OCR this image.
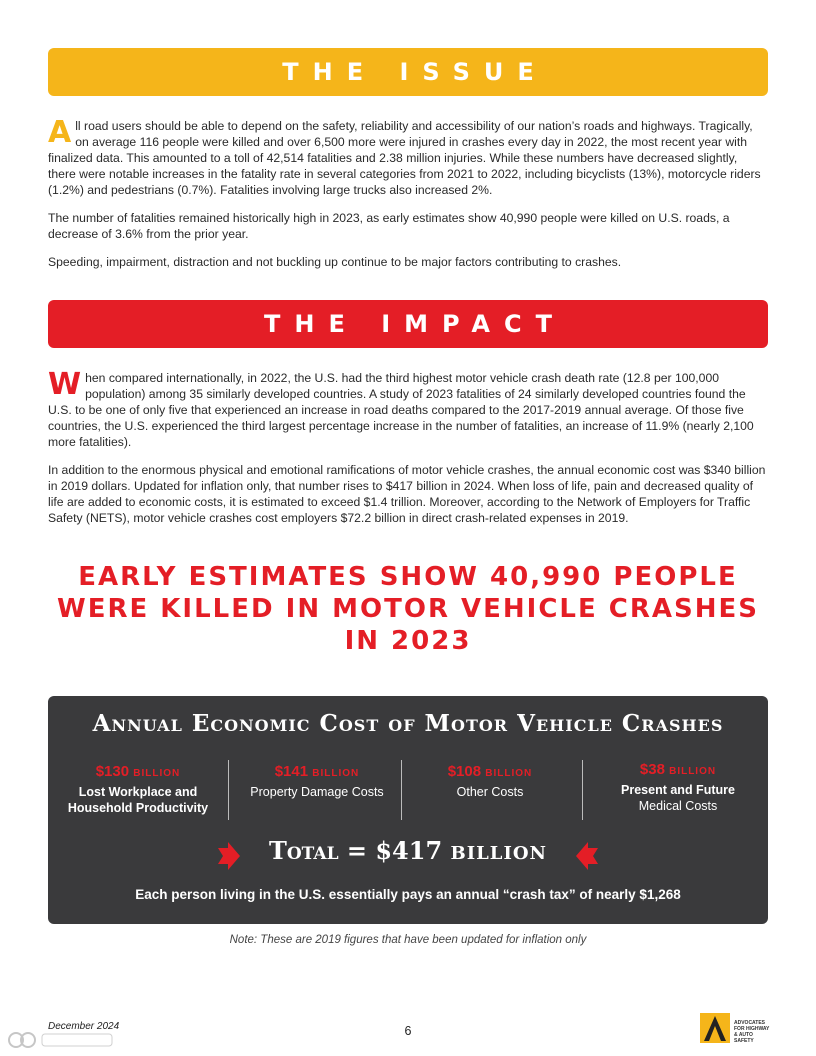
THE ISSUE

All road users should be able to depend on the safety, reliability and accessibility of our nation’s roads and highways. Tragically, on average 116 people were killed and over 6,500 more were injured in crashes every day in 2022, the most recent year with finalized data. This amounted to a toll of 42,514 fatalities and 2.38 million injuries. While these numbers have decreased slightly, there were notable increases in the fatality rate in several categories from 2021 to 2022, including bicyclists (13%), motorcycle riders (1.2%) and pedestrians (0.7%). Fatalities involving large trucks also increased 2%.

The number of fatalities remained historically high in 2023, as early estimates show 40,990 people were killed on U.S. roads, a decrease of 3.6% from the prior year.

Speeding, impairment, distraction and not buckling up continue to be major factors contributing to crashes.

THE IMPACT

When compared internationally, in 2022, the U.S. had the third highest motor vehicle crash death rate (12.8 per 100,000 population) among 35 similarly developed countries. A study of 2023 fatalities of 24 similarly developed countries found the U.S. to be one of only five that experienced an increase in road deaths compared to the 2017-2019 annual average. Of those five countries, the U.S. experienced the third largest percentage increase in the number of fatalities, an increase of 11.9% (nearly 2,100 more fatalities).

In addition to the enormous physical and emotional ramifications of motor vehicle crashes, the annual economic cost was $340 billion in 2019 dollars. Updated for inflation only, that number rises to $417 billion in 2024. When loss of life, pain and decreased quality of life are added to economic costs, it is estimated to exceed $1.4 trillion. Moreover, according to the Network of Employers for Traffic Safety (NETS), motor vehicle crashes cost employers $72.2 billion in direct crash-related expenses in 2019.

EARLY ESTIMATES SHOW 40,990 PEOPLE
WERE KILLED IN MOTOR VEHICLE CRASHES
IN 2023
Annual Economic Cost of Motor Vehicle Crashes
$130 BILLION
Lost Workplace and
Household Productivity
$141 BILLION
Property Damage Costs
$108 BILLION
Other Costs
$38 BILLION
Present and Future
Medical Costs
Total = $417 BILLION
Each person living in the U.S. essentially pays an annual “crash tax” of nearly $1,268

Note: These are 2019 figures that have been updated for inflation only

December 2024	6
ADVOCATES FOR HIGHWAY & AUTO SAFETY
